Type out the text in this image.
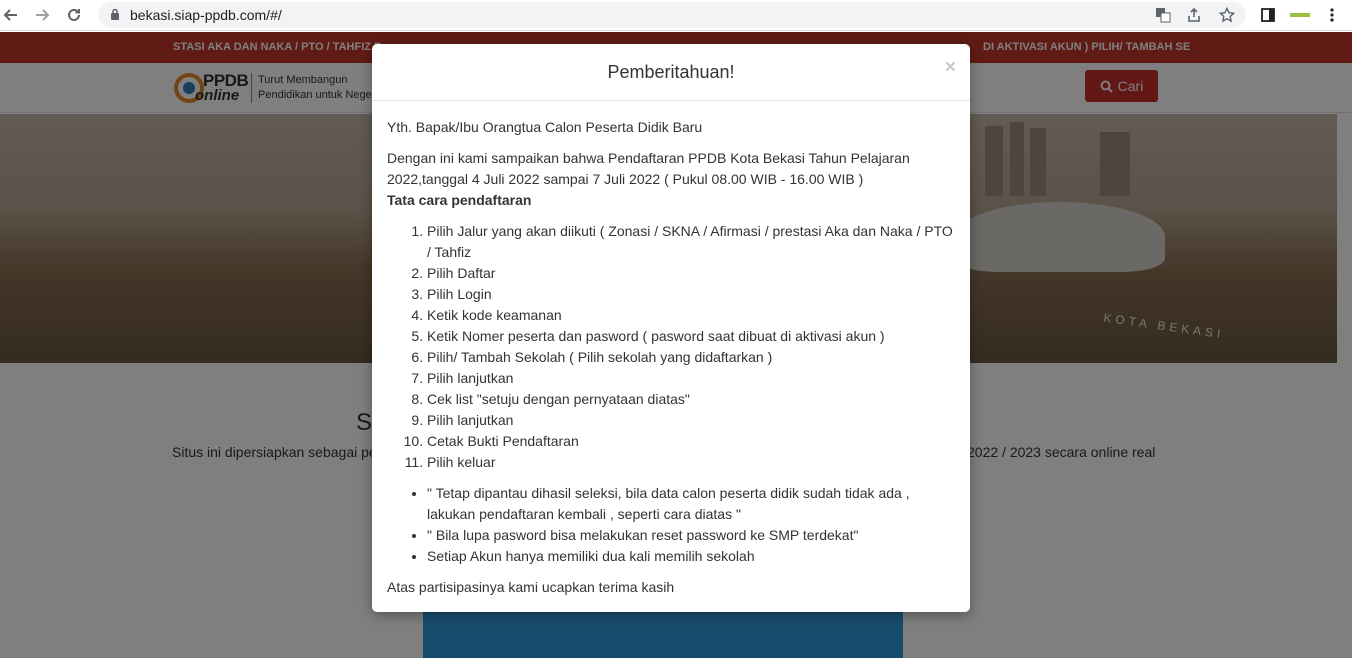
bekasi.siap-ppdb.com/#/
Pemberitahuan!	×

Yth. Bapak/Ibu Orangtua Calon Peserta Didik Baru

Dengan ini kami sampaikan bahwa Pendaftaran PPDB Kota Bekasi Tahun Pelajaran 2022,tanggal 4 Juli 2022 sampai 7 Juli 2022 ( Pukul 08.00 WIB - 16.00 WIB )
Tata cara pendaftaran
1. Pilih Jalur yang akan diikuti ( Zonasi / SKNA / Afirmasi / prestasi Aka dan Naka / PTO / Tahfiz
2. Pilih Daftar
3. Pilih Login
4. Ketik kode keamanan
5. Ketik Nomer peserta dan pasword ( pasword saat dibuat di aktivasi akun )
6. Pilih/ Tambah Sekolah ( Pilih sekolah yang didaftarkan )
7. Pilih lanjutkan
8. Cek list "setuju dengan pernyataan diatas"
9. Pilih lanjutkan
10. Cetak Bukti Pendaftaran
11. Pilih keluar
• " Tetap dipantau dihasil seleksi, bila data calon peserta didik sudah tidak ada , lakukan pendaftaran kembali , seperti cara diatas "
• " Bila lupa pasword bisa melakukan reset password ke SMP terdekat"
• Setiap Akun hanya memiliki dua kali memilih sekolah

Atas partisipasinya kami ucapkan terima kasih
